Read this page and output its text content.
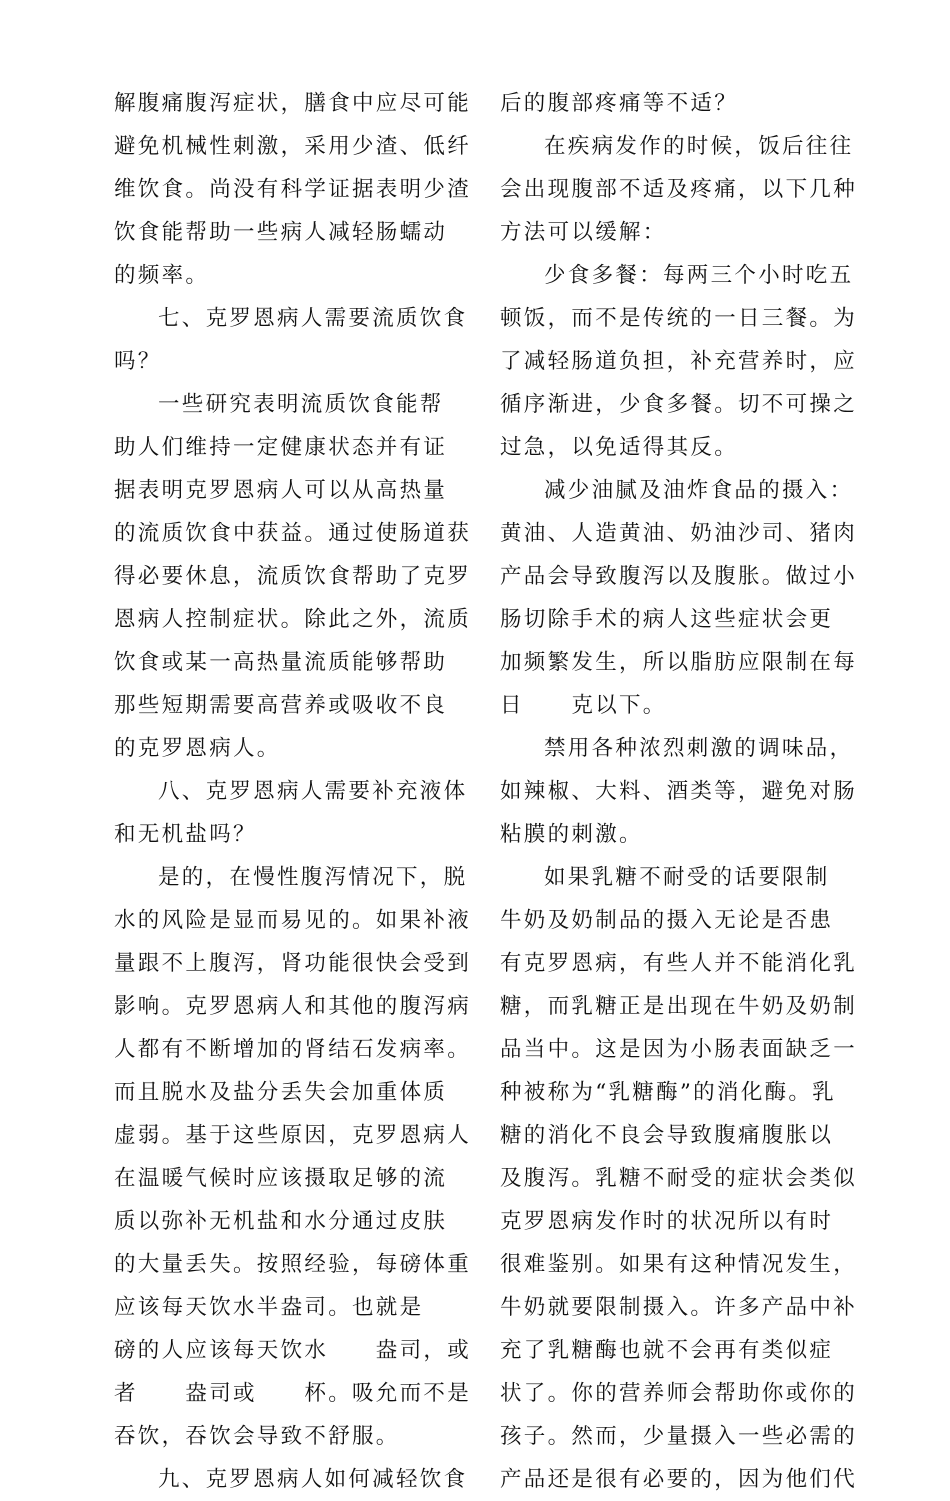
解腹痛腹泻症状，膳食中应尽可能
避免机械性刺激，采用少渣、低纤
维饮食。尚没有科学证据表明少渣
饮食能帮助一些病人减轻肠蠕动
的频率。
七、克罗恩病人需要流质饮食
吗？
一些研究表明流质饮食能帮
助人们维持一定健康状态并有证
据表明克罗恩病人可以从高热量
的流质饮食中获益。通过使肠道获
得必要休息，流质饮食帮助了克罗
恩病人控制症状。除此之外，流质
饮食或某一高热量流质能够帮助
那些短期需要高营养或吸收不良
的克罗恩病人。
八、克罗恩病人需要补充液体
和无机盐吗？
是的，在慢性腹泻情况下，脱
水的风险是显而易见的。如果补液
量跟不上腹泻，肾功能很快会受到
影响。克罗恩病人和其他的腹泻病
人都有不断增加的肾结石发病率。
而且脱水及盐分丢失会加重体质
虚弱。基于这些原因，克罗恩病人
在温暖气候时应该摄取足够的流
质以弥补无机盐和水分通过皮肤
的大量丢失。按照经验，每磅体重
应该每天饮水半盎司。也就是
磅的人应该每天饮水　　盎司，或
者　　盎司或　　杯。吸允而不是
吞饮，吞饮会导致不舒服。
九、克罗恩病人如何减轻饮食
后的腹部疼痛等不适？
在疾病发作的时候，饭后往往
会出现腹部不适及疼痛，以下几种
方法可以缓解：
少食多餐：每两三个小时吃五
顿饭，而不是传统的一日三餐。为
了减轻肠道负担，补充营养时，应
循序渐进，少食多餐。切不可操之
过急，以免适得其反。
减少油腻及油炸食品的摄入：
黄油、人造黄油、奶油沙司、猪肉
产品会导致腹泻以及腹胀。做过小
肠切除手术的病人这些症状会更
加频繁发生，所以脂肪应限制在每
日　　克以下。
禁用各种浓烈刺激的调味品，
如辣椒、大料、酒类等，避免对肠
粘膜的刺激。
如果乳糖不耐受的话要限制
牛奶及奶制品的摄入无论是否患
有克罗恩病，有些人并不能消化乳
糖，而乳糖正是出现在牛奶及奶制
品当中。这是因为小肠表面缺乏一
种被称为“乳糖酶”的消化酶。乳
糖的消化不良会导致腹痛腹胀以
及腹泻。乳糖不耐受的症状会类似
克罗恩病发作时的状况所以有时
很难鉴别。如果有这种情况发生，
牛奶就要限制摄入。许多产品中补
充了乳糖酶也就不会再有类似症
状了。你的营养师会帮助你或你的
孩子。然而，少量摄入一些必需的
产品还是很有必要的，因为他们代
